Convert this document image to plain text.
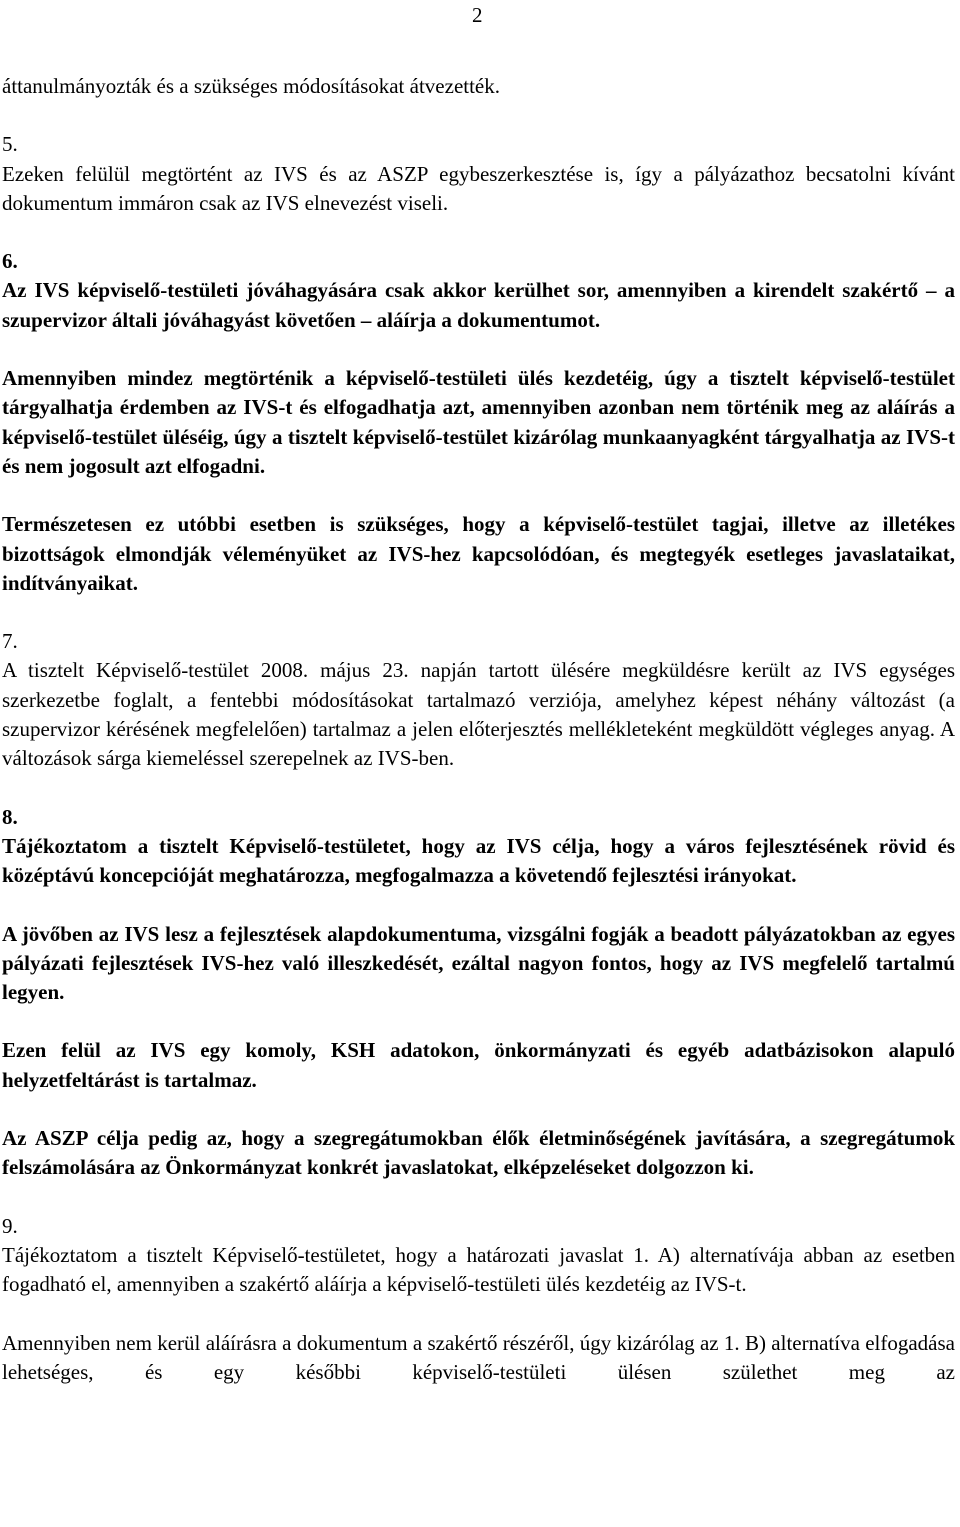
2

áttanulmányozták és a szükséges módosításokat átvezették.

5.

Ezeken felülül megtörtént az IVS és az ASZP egybeszerkesztése is, így a pályázathoz becsatolni kívánt dokumentum immáron csak az IVS elnevezést viseli.

6.

Az IVS képviselő-testületi jóváhagyására csak akkor kerülhet sor, amennyiben a kirendelt szakértő – a szupervizor általi jóváhagyást követően – aláírja a dokumentumot.

Amennyiben mindez megtörténik a képviselő-testületi ülés kezdetéig, úgy a tisztelt képviselő-testület tárgyalhatja érdemben az IVS-t és elfogadhatja azt, amennyiben azonban nem történik meg az aláírás a képviselő-testület üléséig, úgy a tisztelt képviselő-testület kizárólag munkaanyagként tárgyalhatja az IVS-t és nem jogosult azt elfogadni.

Természetesen ez utóbbi esetben is szükséges, hogy a képviselő-testület tagjai, illetve az illetékes bizottságok elmondják véleményüket az IVS-hez kapcsolódóan, és megtegyék esetleges javaslataikat, indítványaikat.

7.

A tisztelt Képviselő-testület 2008. május 23. napján tartott ülésére megküldésre került az IVS egységes szerkezetbe foglalt, a fentebbi módosításokat tartalmazó verziója, amelyhez képest néhány változást (a szupervizor kérésének megfelelően) tartalmaz a jelen előterjesztés mellékleteként megküldött végleges anyag. A változások sárga kiemeléssel szerepelnek az IVS-ben.

8.

Tájékoztatom a tisztelt Képviselő-testületet, hogy az IVS célja, hogy a város fejlesztésének rövid és középtávú koncepcióját meghatározza, megfogalmazza a követendő fejlesztési irányokat.

A jövőben az IVS lesz a fejlesztések alapdokumentuma, vizsgálni fogják a beadott pályázatokban az egyes pályázati fejlesztések IVS-hez való illeszkedését, ezáltal nagyon fontos, hogy az IVS megfelelő tartalmú legyen.

Ezen felül az IVS egy komoly, KSH adatokon, önkormányzati és egyéb adatbázisokon alapuló helyzetfeltárást is tartalmaz.

Az ASZP célja pedig az, hogy a szegregátumokban élők életminőségének javítására, a szegregátumok felszámolására az Önkormányzat konkrét javaslatokat, elképzeléseket dolgozzon ki.

9.

Tájékoztatom a tisztelt Képviselő-testületet, hogy a határozati javaslat 1. A) alternatívája abban az esetben fogadható el, amennyiben a szakértő aláírja a képviselő-testületi ülés kezdetéig az IVS-t.

Amennyiben nem kerül aláírásra a dokumentum a szakértő részéről, úgy kizárólag az 1. B) alternatíva elfogadása lehetséges, és egy későbbi képviselő-testületi ülésen születhet meg az
